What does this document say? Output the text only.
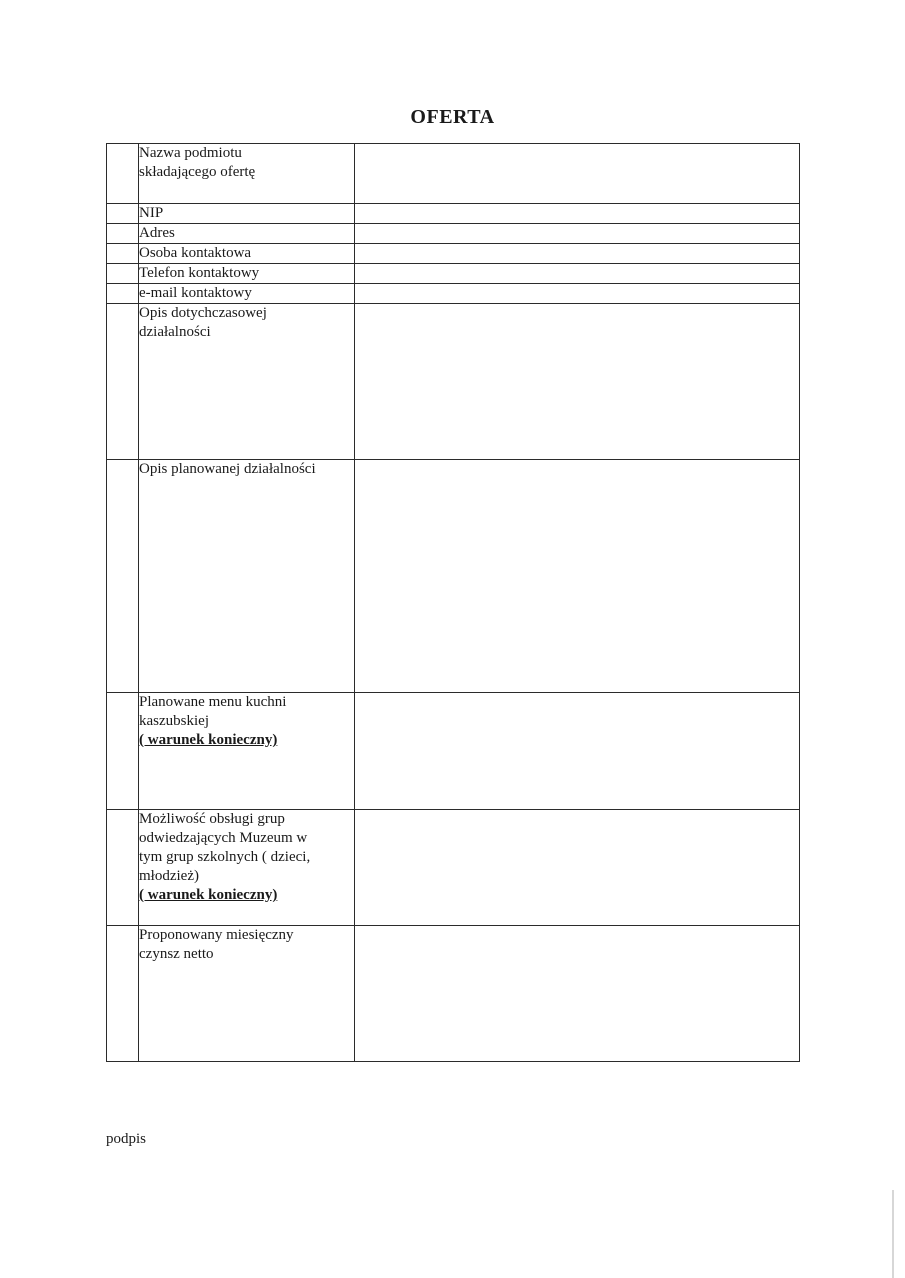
OFERTA

	Nazwa podmiotu
składającego ofertę	

	NIP	

	Adres	

	Osoba kontaktowa	

	Telefon kontaktowy	

	e-mail kontaktowy	

	Opis dotychczasowej
działalności	

	Opis planowanej działalności	

	Planowane menu kuchni
kaszubskiej
( warunek konieczny)	

	Możliwość obsługi grup
odwiedzających Muzeum w
tym grup szkolnych ( dzieci,
młodzież)
( warunek konieczny)	

	Proponowany miesięczny
czynsz netto	

podpis
